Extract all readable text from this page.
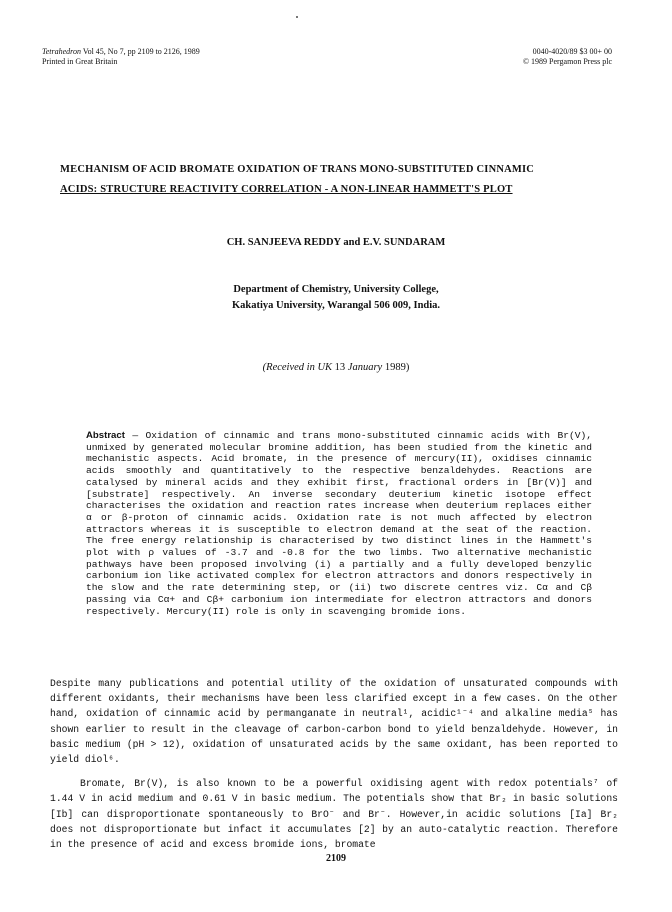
Tetrahedron Vol 45, No 7, pp 2109 to 2126, 1989
Printed in Great Britain
0040-4020/89 $3 00+ 00
© 1989 Pergamon Press plc
MECHANISM OF ACID BROMATE OXIDATION OF TRANS MONO-SUBSTITUTED CINNAMIC
ACIDS: STRUCTURE REACTIVITY CORRELATION - A NON-LINEAR HAMMETT'S PLOT
CH. SANJEEVA REDDY and E.V. SUNDARAM
Department of Chemistry, University College,
Kakatiya University, Warangal 506 009, India.
(Received in UK 13 January 1989)
Abstract — Oxidation of cinnamic and trans mono-substituted cinnamic acids with Br(V), unmixed by generated molecular bromine addition, has been studied from the kinetic and mechanistic aspects. Acid bromate, in the presence of mercury(II), oxidises cinnamic acids smoothly and quantitatively to the respective benzaldehydes. Reactions are catalysed by mineral acids and they exhibit first, fractional orders in [Br(V)] and [substrate] respectively. An inverse secondary deuterium kinetic isotope effect characterises the oxidation and reaction rates increase when deuterium replaces either α or β-proton of cinnamic acids. Oxidation rate is not much affected by electron attractors whereas it is susceptible to electron demand at the seat of the reaction. The free energy relationship is characterised by two distinct lines in the Hammett's plot with ρ values of -3.7 and -0.8 for the two limbs. Two alternative mechanistic pathways have been proposed involving (i) a partially and a fully developed benzylic carbonium ion like activated complex for electron attractors and donors respectively in the slow and the rate determining step, or (ii) two discrete centres viz. Cα and Cβ passing via Cα+ and Cβ+ carbonium ion intermediate for electron attractors and donors respectively. Mercury(II) role is only in scavenging bromide ions.

Despite many publications and potential utility of the oxidation of unsaturated compounds with different oxidants, their mechanisms have been less clarified except in a few cases. On the other hand, oxidation of cinnamic acid by permanganate in neutral¹, acidic¹⁻⁴ and alkaline media⁵ has shown earlier to result in the cleavage of carbon-carbon bond to yield benzaldehyde. However, in basic medium (pH > 12), oxidation of unsaturated acids by the same oxidant, has been reported to yield diol⁶.

Bromate, Br(V), is also known to be a powerful oxidising agent with redox potentials⁷ of 1.44 V in acid medium and 0.61 V in basic medium. The potentials show that Br₂ in basic solutions [Ib] can disproportionate spontaneously to BrO⁻ and Br⁻. However,in acidic solutions [Ia] Br₂ does not disproportionate but infact it accumulates [2] by an auto-catalytic reaction. Therefore in the presence of acid and excess bromide ions, bromate

2109
